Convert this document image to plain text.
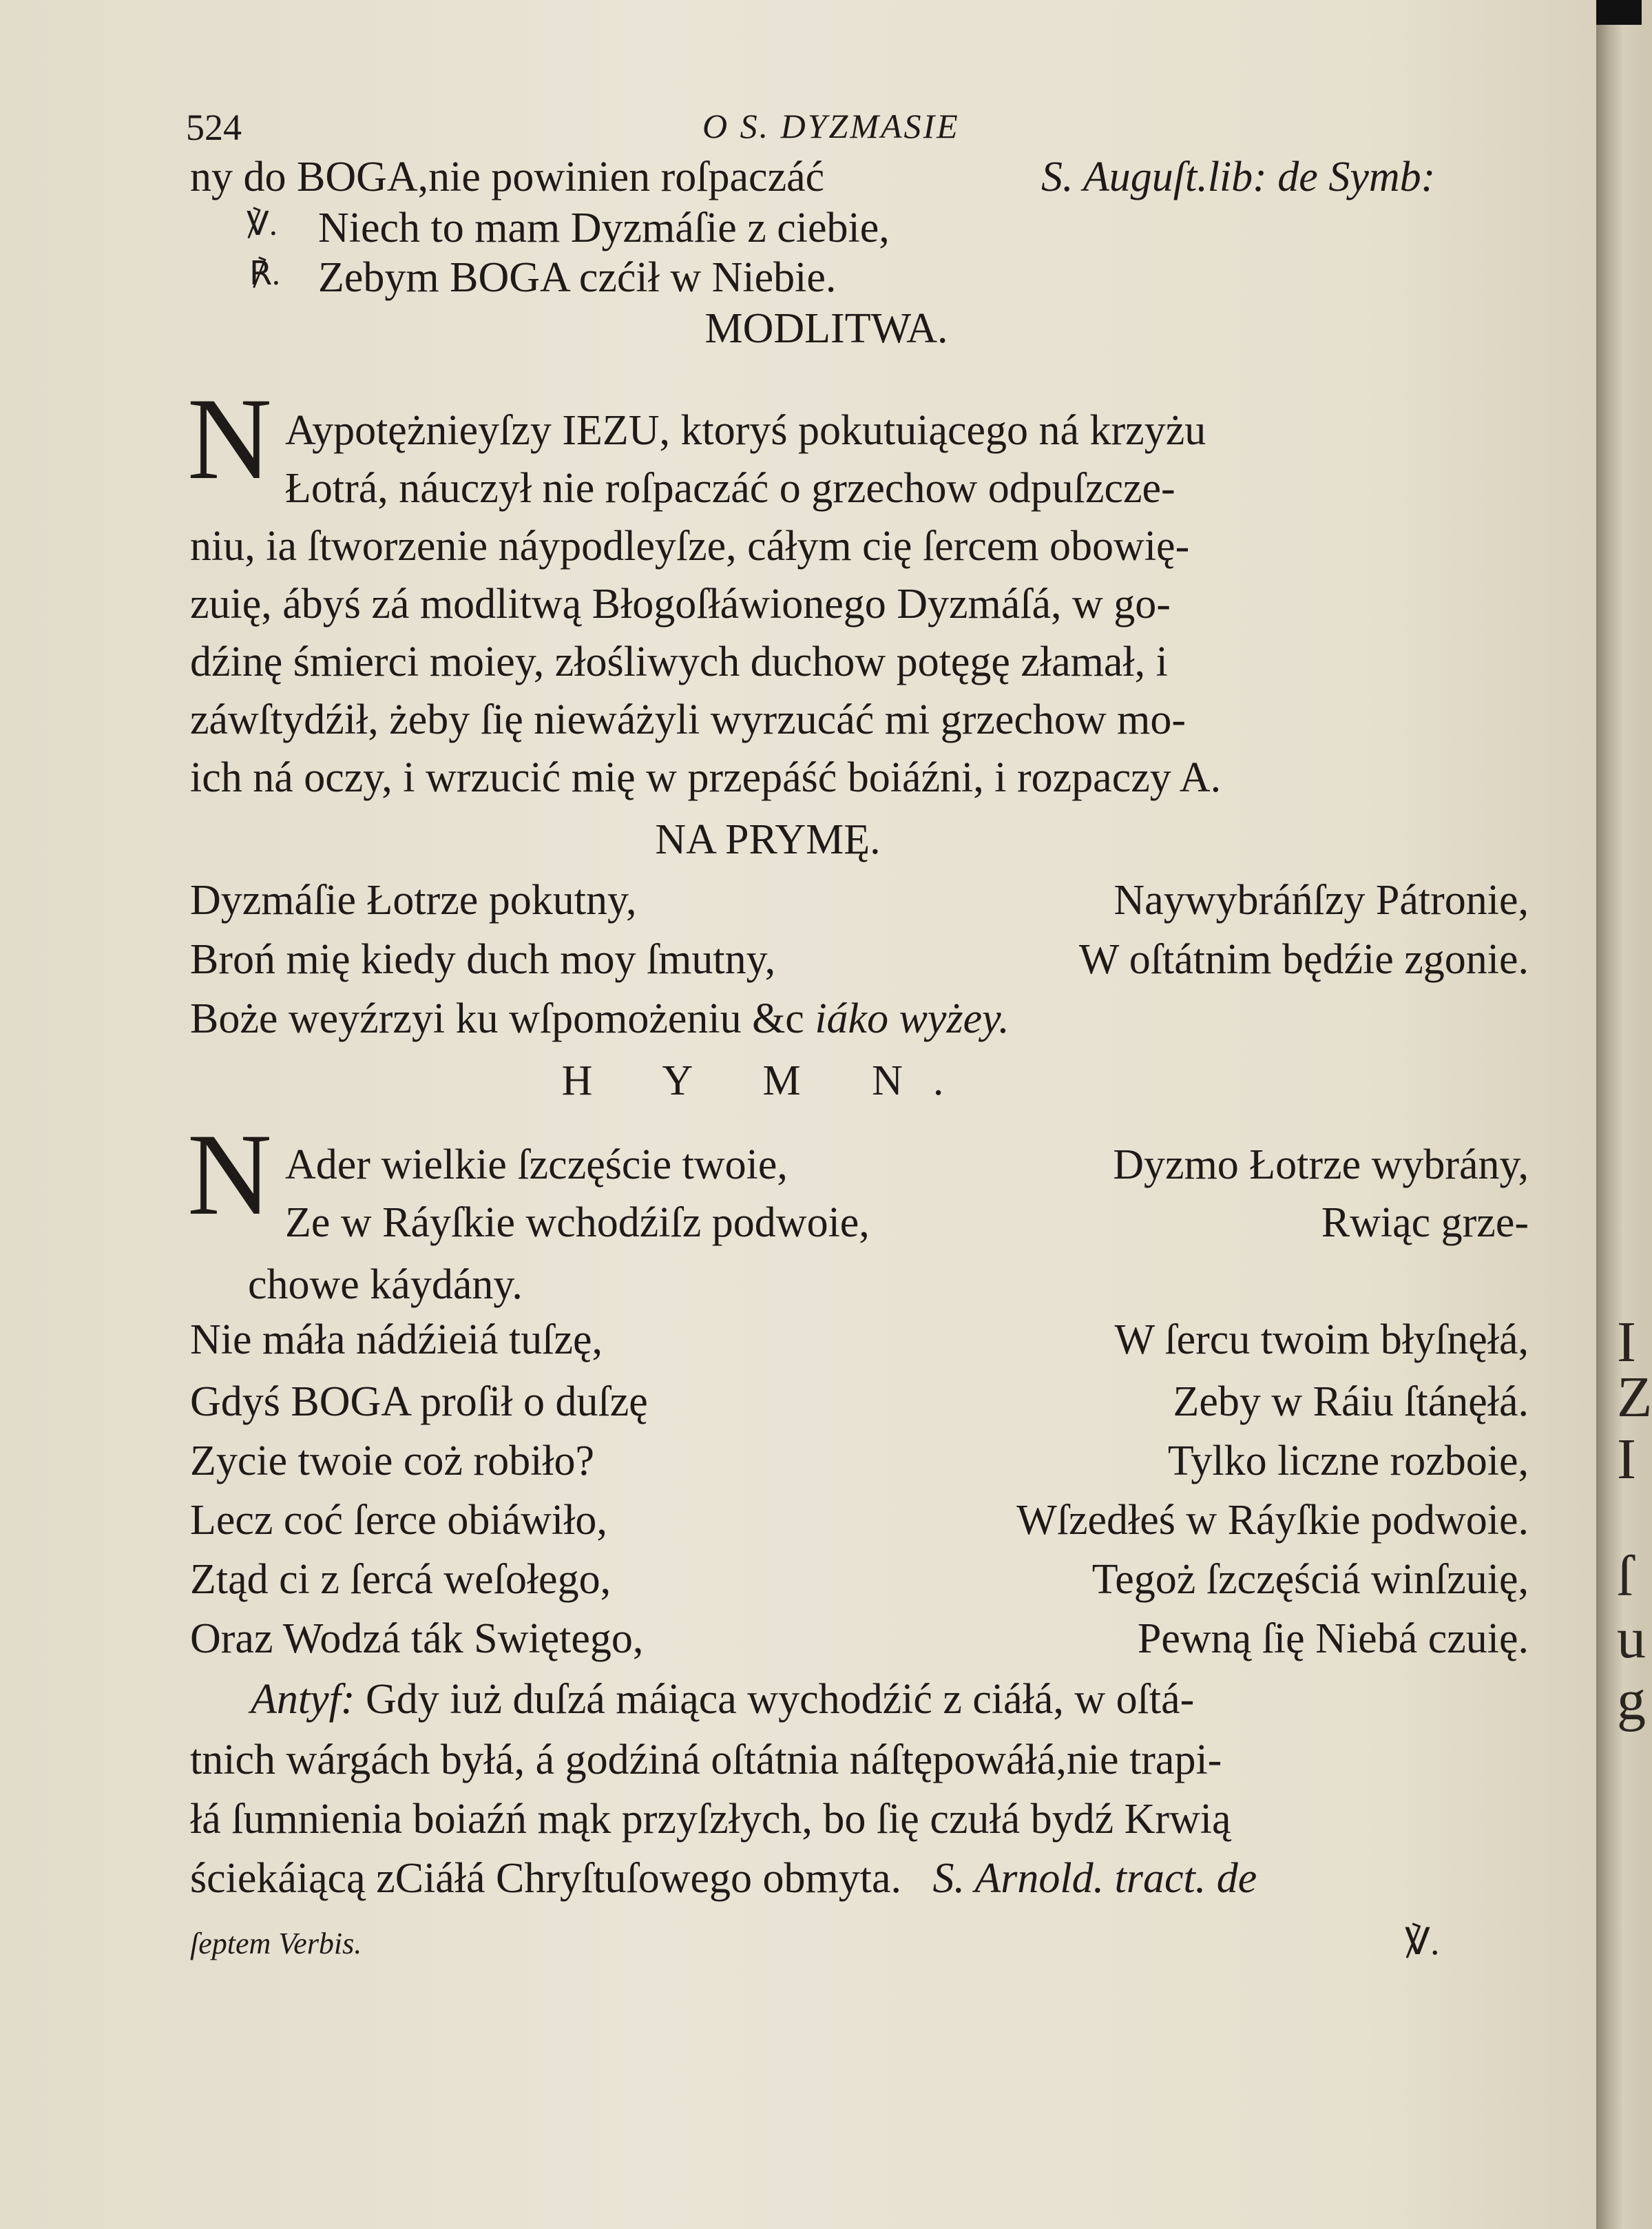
524	O S. DYZMASIE
ny do BOGA,nie powinien roſpaczáć	S. Auguſt.lib: de Symb:
℣. Niech to mam Dyzmáſie z ciebie,
℟. Zebym BOGA czćił w Niebie.
MODLITWA.
N Aypotężnieyſzy IEZU, ktoryś pokutuiącego ná krzyżu
Łotrá, náuczył nie roſpaczáć o grzechow odpuſzcze-
niu, ia ſtworzenie náypodleyſze, cáłym cię ſercem obowię-
zuię, ábyś zá modlitwą Błogoſłáwionego Dyzmáſá, w go-
dźinę śmierci moiey, złośliwych duchow potęgę złamał, i
záwſtydźił, żeby ſię niewáżyli wyrzucáć mi grzechow mo-
ich ná oczy, i wrzucić mię w przepáść boiáźni, i rozpaczy A.
NA PRYMĘ.
Dyzmáſie Łotrze pokutny,	Naywybráńſzy Pátronie,
Broń mię kiedy duch moy ſmutny,	W oſtátnim będźie zgonie.
Boże weyźrzyi ku wſpomożeniu &c iáko wyżey.
H Y M N.
N Ader wielkie ſzczęście twoie,	Dyzmo Łotrze wybrány,
Ze w Ráyſkie wchodźiſz podwoie,	Rwiąc grze-
chowe káydány.
Nie máła nádźieiá tuſzę,	W ſercu twoim błyſnęłá,
Gdyś BOGA proſił o duſzę	Zeby w Ráiu ſtánęłá.
Zycie twoie coż robiło?	Tylko liczne rozboie,
Lecz coć ſerce obiáwiło,	Wſzedłeś w Ráyſkie podwoie.
Ztąd ci z ſercá weſołego,	Tegoż ſzczęściá winſzuię,
Oraz Wodzá ták Swiętego,	Pewną ſię Niebá czuię.
Antyf: Gdy iuż duſzá máiąca wychodźić z ciáłá, w oſtá-
tnich wárgách byłá, á godźiná oſtátnia náſtępowáłá,nie trapi-
łá ſumnienia boiaźń mąk przyſzłych, bo ſię czułá bydź Krwią
ściekáiącą zCiáłá Chryſtuſowego obmyta. S. Arnold. tract. de
ſeptem Verbis.	℣.
I
Z
I
ſ
u
g
